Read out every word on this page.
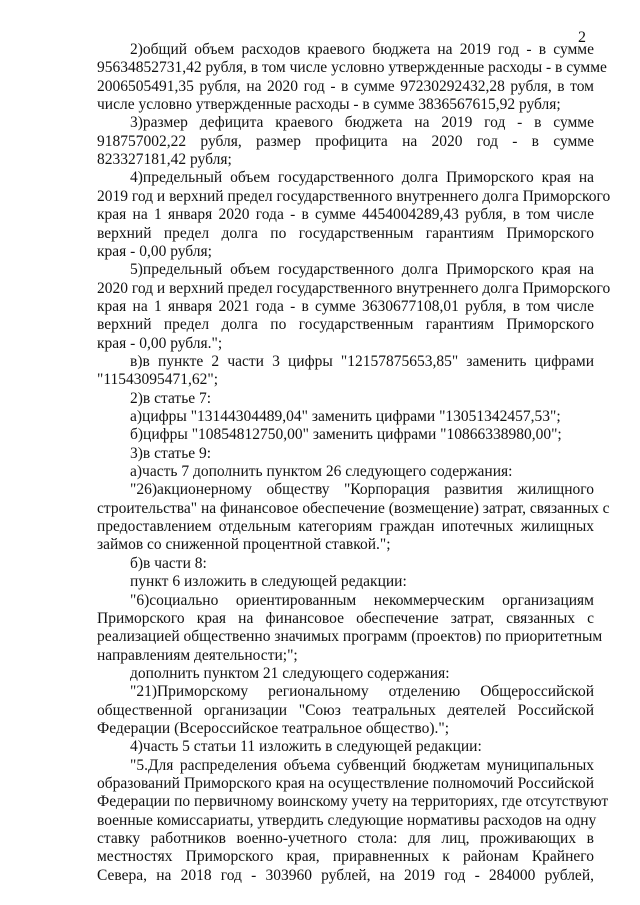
2
2)общий объем расходов краевого бюджета на 2019 год - в сумме
95634852731,42 рубля, в том числе условно утвержденные расходы - в сумме
2006505491,35 рубля, на 2020 год - в сумме 97230292432,28 рубля, в том
числе условно утвержденные расходы - в сумме 3836567615,92 рубля;
3)размер дефицита краевого бюджета на 2019 год - в сумме
918757002,22 рубля, размер профицита на 2020 год - в сумме
823327181,42 рубля;
4)предельный объем государственного долга Приморского края на
2019 год и верхний предел государственного внутреннего долга Приморского
края на 1 января 2020 года - в сумме 4454004289,43 рубля, в том числе
верхний предел долга по государственным гарантиям Приморского
края - 0,00 рубля;
5)предельный объем государственного долга Приморского края на
2020 год и верхний предел государственного внутреннего долга Приморского
края на 1 января 2021 года - в сумме 3630677108,01 рубля, в том числе
верхний предел долга по государственным гарантиям Приморского
края - 0,00 рубля.";
в)в пункте 2 части 3 цифры "12157875653,85" заменить цифрами
"11543095471,62";
2)в статье 7:
а)цифры "13144304489,04" заменить цифрами "13051342457,53";
б)цифры "10854812750,00" заменить цифрами "10866338980,00";
3)в статье 9:
а)часть 7 дополнить пунктом 26 следующего содержания:
"26)акционерному обществу "Корпорация развития жилищного
строительства" на финансовое обеспечение (возмещение) затрат, связанных с
предоставлением отдельным категориям граждан ипотечных жилищных
займов со сниженной процентной ставкой.";
б)в части 8:
пункт 6 изложить в следующей редакции:
"6)социально ориентированным некоммерческим организациям
Приморского края на финансовое обеспечение затрат, связанных с
реализацией общественно значимых программ (проектов) по приоритетным
направлениям деятельности;";
дополнить пунктом 21 следующего содержания:
"21)Приморскому региональному отделению Общероссийской
общественной организации "Союз театральных деятелей Российской
Федерации (Всероссийское театральное общество).";
4)часть 5 статьи 11 изложить в следующей редакции:
"5.Для распределения объема субвенций бюджетам муниципальных
образований Приморского края на осуществление полномочий Российской
Федерации по первичному воинскому учету на территориях, где отсутствуют
военные комиссариаты, утвердить следующие нормативы расходов на одну
ставку работников военно-учетного стола: для лиц, проживающих в
местностях Приморского края, приравненных к районам Крайнего
Севера, на 2018 год - 303960 рублей, на 2019 год - 284000 рублей,
